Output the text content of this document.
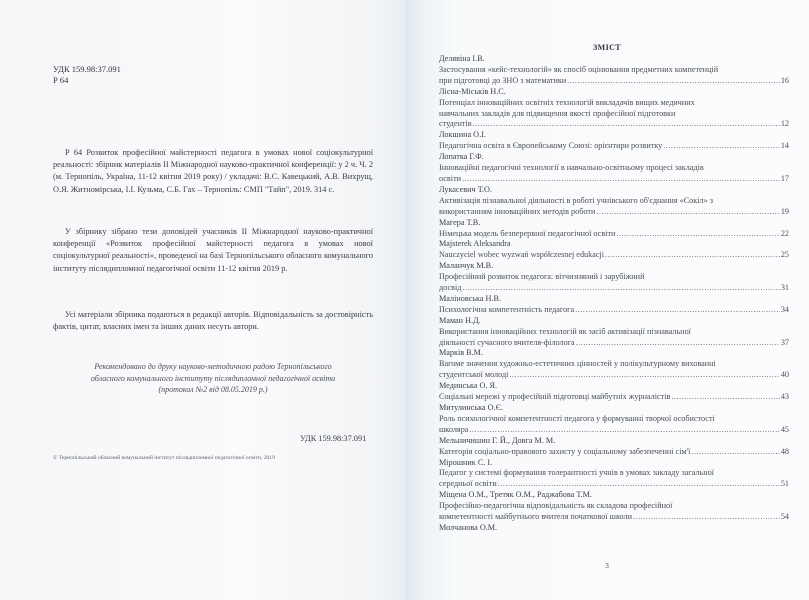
УДК 159.98:37.091
Р 64
Р 64 Розвиток професійної майстерності педагога в умовах нової соціокультурної реальності: збірник матеріалів ІІ Міжнародної науково-практичної конференції: у 2 ч. Ч. 2 (м. Тернопіль, Україна, 11-12 квітня 2019 року) / укладачі: В.С. Кавецький, А.В. Вихрущ, О.Я. Житномірська, І.І. Кузьма, С.Б. Гах – Тернопіль: СМП "Тайп", 2019. 314 с.
У збірнику зібрано тези доповідей учасників ІІ Міжнародної науково-практичної конференції «Розвиток професійної майстерності педагога в умовах нової соціокультурної реальності», проведеної на базі Тернопільського обласного комунального інституту післядипломної педагогічної освіти 11-12 квітня 2019 р.
Усі матеріали збірника подаються в редакції авторів. Відповідальність за достовірність фактів, цитат, власних імен та інших даних несуть автори.
Рекомендовано до друку науково-методичною радою Тернопільського
обласного комунального інституту післядипломної педагогічної освіти
(протокол №2 від 08.05.2019 р.)
УДК 159.98:37.091
© Тернопільський обласний комунальний інститут післядипломної педагогічної освіти, 2019
ЗМІСТ
Делявіна І.В.
Застосування «кейс-технологій» як спосіб оцінювання предметних компетенцій
при підготовці до ЗНО з математики .....	16
Лісна-Міськів Н.С.
Потенціал інноваційних освітніх технологій викладачів вищих медичних
навчальних закладів для підвищення якості професійної підготовки
студентів .....	12
Локшина О.І.
Педагогічна освіта в Європейському Союзі: орієнтири розвитку .....	14
Лопатка Г.Ф.
Інноваційні педагогічні технології в навчально-освітньому процесі закладів
освіти .....	17
Лукасевич Т.О.
Активізація пізнавальної діяльності в роботі учнівського об'єднання «Сокіл» з
використанням інноваційних методів роботи .....	19
Магера Т.В.
Німецька модель безперервної педагогічної освіти .....	22
Majsterek Aleksandra
Nauczyciel wobec wyzwań współczesnej edukacji .....	25
Маланчук М.В.
Професійний розвиток педагога: вітчизняний і зарубіжний
досвід .....	31
Маліновська Н.В.
Психологічна компетентність педагога .....	34
Маман Н.Д.
Використання інноваційних технологій як засіб активізації пізнавальної
діяльності сучасного вчителя-філолога .....	37
Марків В.М.
Вагоме значення художньо-естетичних цінностей у полікультурному вихованні
студентської молоді .....	40
Мединська О. Я.
Соціальні мережі у професійній підготовці майбутніх журналістів .....	43
Митулинська О.Є.
Роль психологічної компетентності педагога у формуванні творчої особистості
школяра .....	45
Мельничишин Г. Й., Довга М. М.
Категорія соціально-правового захисту у соціальному забезпеченні сім'ї .....	48
Мірошник С. І.
Педагог у системі формування толерантності учнів в умовах закладу загальної
середньої освіти .....	51
Міщена О.М., Третяк О.М., Раджабова Т.М.
Професійно-педагогічна відповідальність як складова професійної
компетентності майбутнього вчителя початкової школи .....	54
Молчанова О.М.
3
